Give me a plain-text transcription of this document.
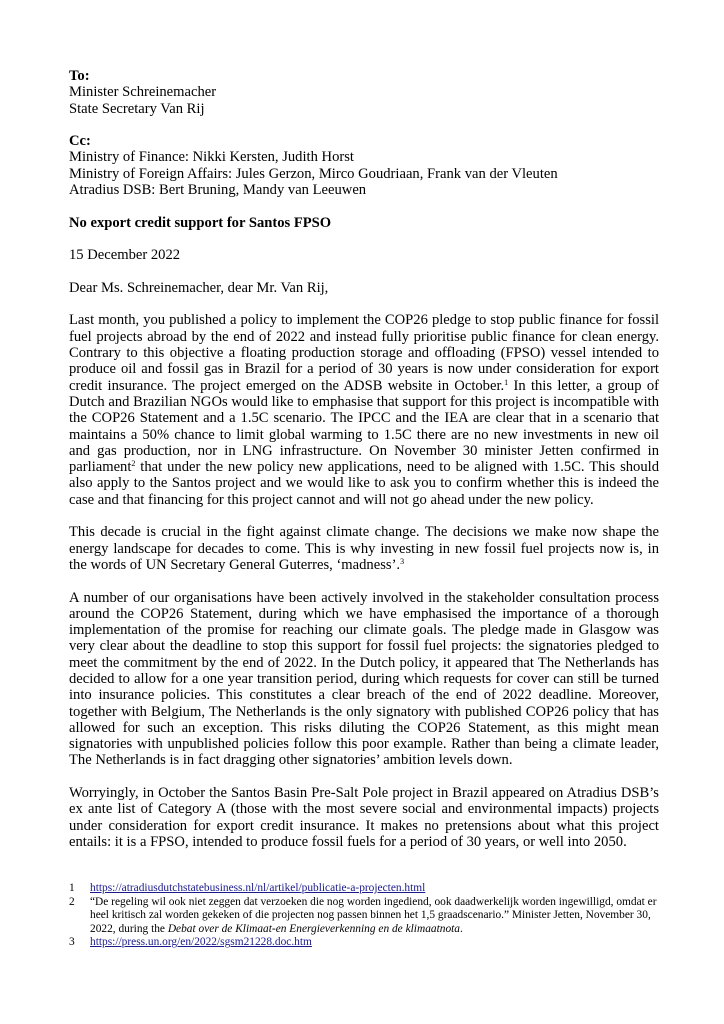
To:
Minister Schreinemacher
State Secretary Van Rij
Cc:
Ministry of Finance: Nikki Kersten, Judith Horst
Ministry of Foreign Affairs: Jules Gerzon, Mirco Goudriaan, Frank van der Vleuten
Atradius DSB: Bert Bruning, Mandy van Leeuwen
No export credit support for Santos FPSO
15 December 2022
Dear Ms. Schreinemacher, dear Mr. Van Rij,
Last month, you published a policy to implement the COP26 pledge to stop public finance for fossil fuel projects abroad by the end of 2022 and instead fully prioritise public finance for clean energy. Contrary to this objective a floating production storage and offloading (FPSO) vessel intended to produce oil and fossil gas in Brazil for a period of 30 years is now under consideration for export credit insurance. The project emerged on the ADSB website in October.$^1$ In this letter, a group of Dutch and Brazilian NGOs would like to emphasise that support for this project is incompatible with the COP26 Statement and a 1.5C scenario. The IPCC and the IEA are clear that in a scenario that maintains a 50% chance to limit global warming to 1.5C there are no new investments in new oil and gas production, nor in LNG infrastructure. On November 30 minister Jetten confirmed in parliament$^2$ that under the new policy new applications, need to be aligned with 1.5C. This should also apply to the Santos project and we would like to ask you to confirm whether this is indeed the case and that financing for this project cannot and will not go ahead under the new policy.
This decade is crucial in the fight against climate change. The decisions we make now shape the energy landscape for decades to come. This is why investing in new fossil fuel projects now is, in the words of UN Secretary General Guterres, ‘madness’.$^3$
A number of our organisations have been actively involved in the stakeholder consultation process around the COP26 Statement, during which we have emphasised the importance of a thorough implementation of the promise for reaching our climate goals. The pledge made in Glasgow was very clear about the deadline to stop this support for fossil fuel projects: the signatories pledged to meet the commitment by the end of 2022. In the Dutch policy, it appeared that The Netherlands has decided to allow for a one year transition period, during which requests for cover can still be turned into insurance policies. This constitutes a clear breach of the end of 2022 deadline. Moreover, together with Belgium, The Netherlands is the only signatory with published COP26 policy that has allowed for such an exception. This risks diluting the COP26 Statement, as this might mean signatories with unpublished policies follow this poor example. Rather than being a climate leader, The Netherlands is in fact dragging other signatories’ ambition levels down.
Worryingly, in October the Santos Basin Pre-Salt Pole project in Brazil appeared on Atradius DSB’s ex ante list of Category A (those with the most severe social and environmental impacts) projects under consideration for export credit insurance. It makes no pretensions about what this project entails: it is a FPSO, intended to produce fossil fuels for a period of 30 years, or well into 2050.
1	https://atradiusdutchstatebusiness.nl/nl/artikel/publicatie-a-projecten.html
2	“De regeling wil ook niet zeggen dat verzoeken die nog worden ingediend, ook daadwerkelijk worden ingewilligd, omdat er heel kritisch zal worden gekeken of die projecten nog passen binnen het 1,5 graadscenario.” Minister Jetten, November 30, 2022, during the Debat over de Klimaat-en Energieverkenning en de klimaatnota.
3	https://press.un.org/en/2022/sgsm21228.doc.htm
